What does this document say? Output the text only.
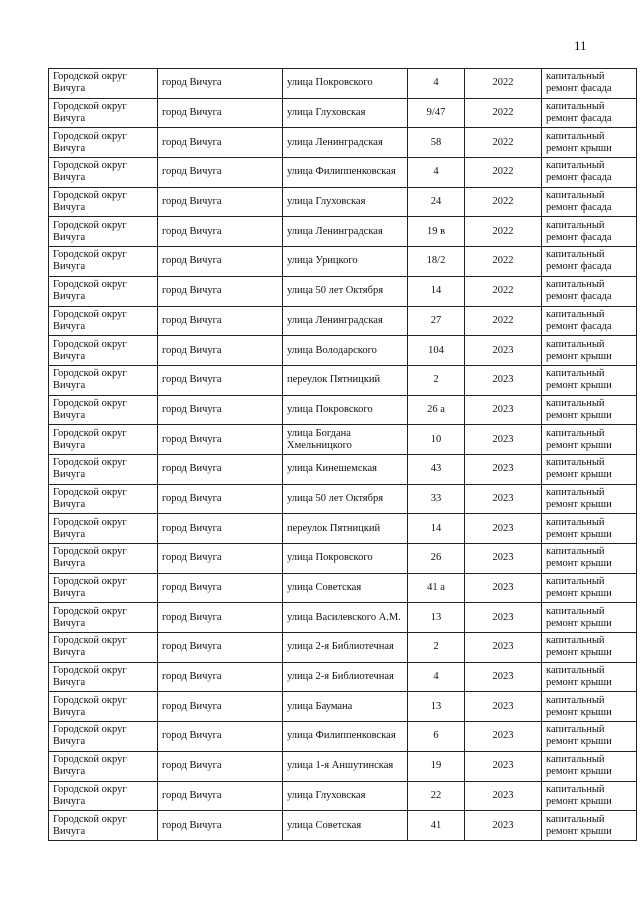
11
Городской округ Вичуга	город Вичуга	улица Покровского	4	2022	капитальный ремонт фасада
Городской округ Вичуга	город Вичуга	улица Глуховская	9/47	2022	капитальный ремонт фасада
Городской округ Вичуга	город Вичуга	улица Ленинградская	58	2022	капитальный ремонт крыши
Городской округ Вичуга	город Вичуга	улица Филиппенковская	4	2022	капитальный ремонт фасада
Городской округ Вичуга	город Вичуга	улица Глуховская	24	2022	капитальный ремонт фасада
Городской округ Вичуга	город Вичуга	улица Ленинградская	19 в	2022	капитальный ремонт фасада
Городской округ Вичуга	город Вичуга	улица Урицкого	18/2	2022	капитальный ремонт фасада
Городской округ Вичуга	город Вичуга	улица 50 лет Октября	14	2022	капитальный ремонт фасада
Городской округ Вичуга	город Вичуга	улица Ленинградская	27	2022	капитальный ремонт фасада
Городской округ Вичуга	город Вичуга	улица Володарского	104	2023	капитальный ремонт крыши
Городской округ Вичуга	город Вичуга	переулок Пятницкий	2	2023	капитальный ремонт крыши
Городской округ Вичуга	город Вичуга	улица Покровского	26 а	2023	капитальный ремонт крыши
Городской округ Вичуга	город Вичуга	улица Богдана Хмельницкого	10	2023	капитальный ремонт крыши
Городской округ Вичуга	город Вичуга	улица Кинешемская	43	2023	капитальный ремонт крыши
Городской округ Вичуга	город Вичуга	улица 50 лет Октября	33	2023	капитальный ремонт крыши
Городской округ Вичуга	город Вичуга	переулок Пятницкий	14	2023	капитальный ремонт крыши
Городской округ Вичуга	город Вичуга	улица Покровского	26	2023	капитальный ремонт крыши
Городской округ Вичуга	город Вичуга	улица Советская	41 а	2023	капитальный ремонт крыши
Городской округ Вичуга	город Вичуга	улица Василевского А.М.	13	2023	капитальный ремонт крыши
Городской округ Вичуга	город Вичуга	улица 2-я Библиотечная	2	2023	капитальный ремонт крыши
Городской округ Вичуга	город Вичуга	улица 2-я Библиотечная	4	2023	капитальный ремонт крыши
Городской округ Вичуга	город Вичуга	улица Баумана	13	2023	капитальный ремонт крыши
Городской округ Вичуга	город Вичуга	улица Филиппенковская	6	2023	капитальный ремонт крыши
Городской округ Вичуга	город Вичуга	улица 1-я Аншутинская	19	2023	капитальный ремонт крыши
Городской округ Вичуга	город Вичуга	улица Глуховская	22	2023	капитальный ремонт крыши
Городской округ Вичуга	город Вичуга	улица Советская	41	2023	капитальный ремонт крыши
